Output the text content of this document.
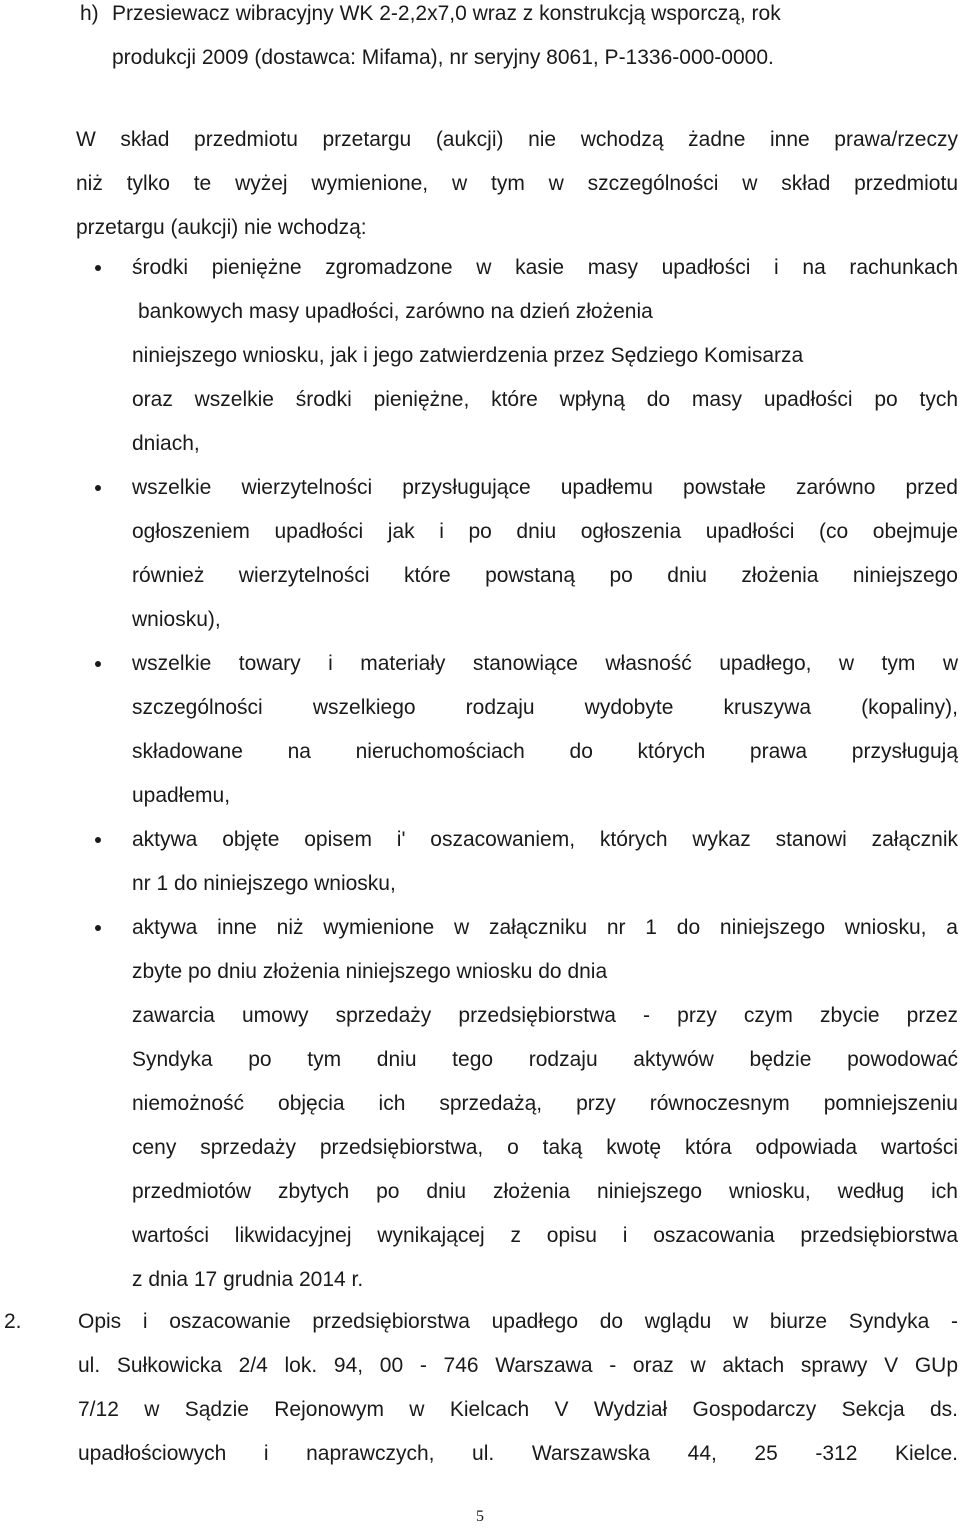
h) Przesiewacz wibracyjny WK 2-2,2x7,0 wraz z konstrukcją wsporczą, rok
produkcji 2009 (dostawca: Mifama), nr seryjny 8061, P-1336-000-0000.
W skład przedmiotu przetargu (aukcji) nie wchodzą żadne inne prawa/rzeczy
niż tylko te wyżej wymienione, w tym w szczególności w skład przedmiotu
przetargu (aukcji) nie wchodzą:
środki pieniężne zgromadzone w kasie masy upadłości i na rachunkach
bankowych masy upadłości, zarówno na dzień złożenia
niniejszego wniosku, jak i jego zatwierdzenia przez Sędziego Komisarza
oraz wszelkie środki pieniężne, które wpłyną do masy upadłości po tych
dniach,
wszelkie wierzytelności przysługujące upadłemu powstałe zarówno przed
ogłoszeniem upadłości jak i po dniu ogłoszenia upadłości (co obejmuje
również wierzytelności które powstaną po dniu złożenia niniejszego
wniosku),
wszelkie towary i materiały stanowiące własność upadłego, w tym w
szczególności wszelkiego rodzaju wydobyte kruszywa (kopaliny),
składowane na nieruchomościach do których prawa przysługują
upadłemu,
aktywa objęte opisem i' oszacowaniem, których wykaz stanowi załącznik
nr 1 do niniejszego wniosku,
aktywa inne niż wymienione w załączniku nr 1 do niniejszego wniosku, a
zbyte po dniu złożenia niniejszego wniosku do dnia
zawarcia umowy sprzedaży przedsiębiorstwa - przy czym zbycie przez
Syndyka po tym dniu tego rodzaju aktywów będzie powodować
niemożność objęcia ich sprzedażą, przy równoczesnym pomniejszeniu
ceny sprzedaży przedsiębiorstwa, o taką kwotę która odpowiada wartości
przedmiotów zbytych po dniu złożenia niniejszego wniosku, według ich
wartości likwidacyjnej wynikającej z opisu i oszacowania przedsiębiorstwa
z dnia 17 grudnia 2014 r.
2.	Opis i oszacowanie przedsiębiorstwa upadłego do wglądu w biurze Syndyka -
ul. Sułkowicka 2/4 lok. 94, 00 - 746 Warszawa - oraz w aktach sprawy V GUp
7/12 w Sądzie Rejonowym w Kielcach V Wydział Gospodarczy Sekcja ds.
upadłościowych i naprawczych, ul. Warszawska 44, 25 -312 Kielce.
5
